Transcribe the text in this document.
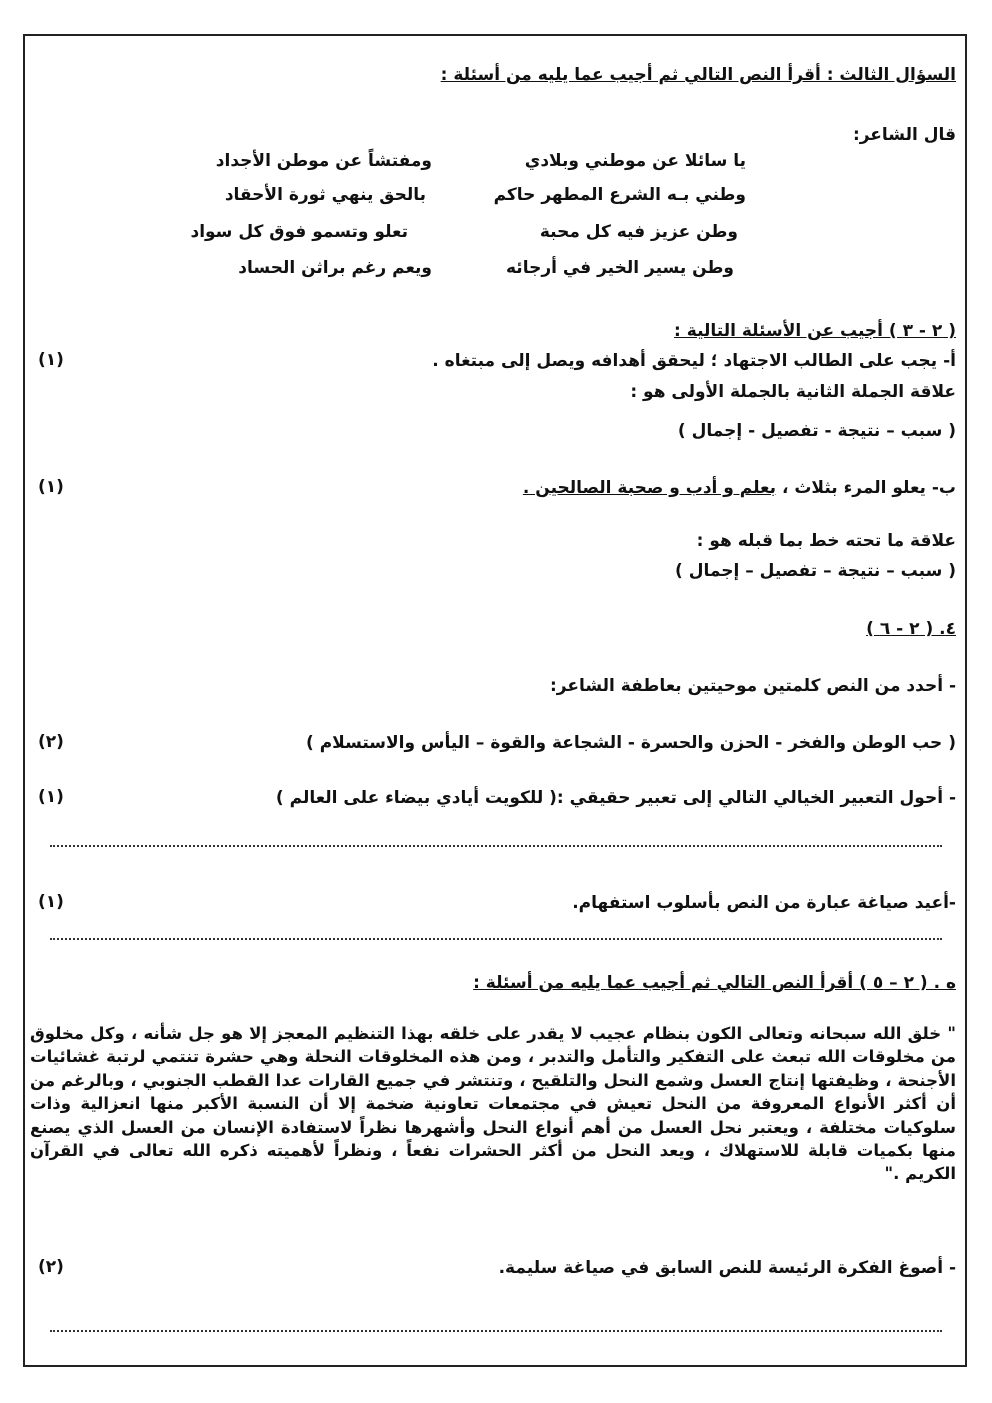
السؤال الثالث : أقرأ النص التالي ثم أجيب عما يليه من أسئلة :
قال الشاعر:
يا سائلا عن موطني وبلادي
ومفتشاً عن موطن الأجداد
وطني بـه الشرع المطهر حاكم
بالحق ينهي ثورة الأحقاد
وطن عزيز فيه كل محبة
تعلو وتسمو فوق كل سواد
وطن يسير الخير في أرجائه
ويعم رغم براثن الحساد
( ٢ - ٣ ) أجيب عن الأسئلة التالية :
أ- يجب على الطالب الاجتهاد ؛ ليحقق أهدافه ويصل إلى مبتغاه .
(١)
علاقة الجملة الثانية بالجملة الأولى هو :
( سبب – نتيجة - تفصيل - إجمال )
ب- يعلو المرء بثلاث ، بعلم و أدب و صحبة الصالحين .
(١)
علاقة ما تحته خط بما قبله هو :
( سبب – نتيجة – تفصيل – إجمال )
٤. ( ٢ - ٦ )
- أحدد من النص كلمتين موحيتين بعاطفة الشاعر:
( حب الوطن والفخر - الحزن والحسرة - الشجاعة والقوة – اليأس والاستسلام )
(٢)
- أحول التعبير الخيالي التالي إلى تعبير حقيقي :( للكويت أيادي بيضاء على العالم )
(١)
-أعيد صياغة عبارة من النص بأسلوب استفهام.
(١)
ه . ( ٢ – ٥ ) أقرأ النص التالي ثم أجيب عما يليه من أسئلة :
" خلق الله سبحانه وتعالى الكون بنظام عجيب لا يقدر على خلقه بهذا التنظيم المعجز إلا هو جل شأنه ، وكل مخلوق من مخلوقات الله تبعث على التفكير والتأمل والتدبر ، ومن هذه المخلوقات النحلة وهي حشرة تنتمي لرتبة غشائيات الأجنحة ، وظيفتها إنتاج العسل وشمع النحل والتلقيح ، وتنتشر في جميع القارات عدا القطب الجنوبي ، وبالرغم من أن أكثر الأنواع المعروفة من النحل تعيش في مجتمعات تعاونية ضخمة إلا أن النسبة الأكبر منها انعزالية وذات سلوكيات مختلفة ، ويعتبر نحل العسل من أهم أنواع النحل وأشهرها نظراً لاستفادة الإنسان من العسل الذي يصنع منها بكميات قابلة للاستهلاك ، ويعد النحل من أكثر الحشرات نفعاً ، ونظراً لأهميته ذكره الله تعالى في القرآن الكريم ."
- أصوغ الفكرة الرئيسة للنص السابق في صياغة سليمة.
(٢)
